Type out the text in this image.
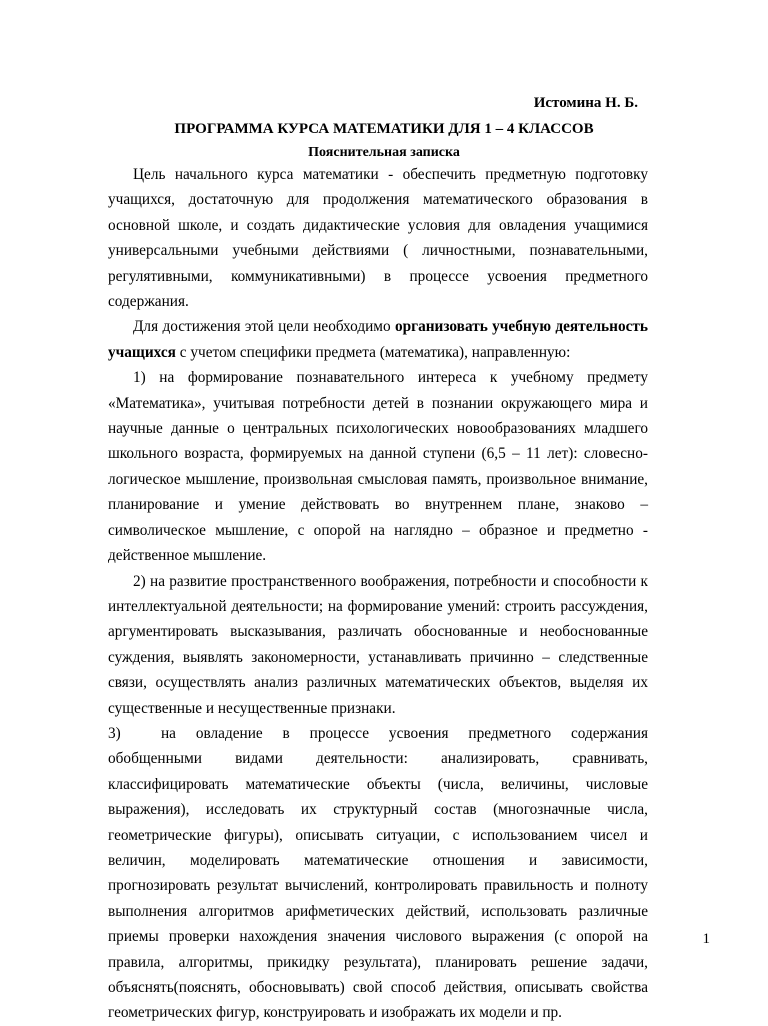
Истомина Н. Б.
ПРОГРАММА КУРСА МАТЕМАТИКИ ДЛЯ 1 – 4 КЛАССОВ
Пояснительная записка

Цель начального курса математики - обеспечить предметную подготовку учащихся, достаточную для продолжения математического образования в основной школе, и создать дидактические условия для овладения учащимися универсальными учебными действиями ( личностными, познавательными, регулятивными, коммуникативными) в процессе усвоения предметного содержания.

Для достижения этой цели необходимо организовать учебную деятельность учащихся с учетом специфики предмета (математика), направленную:

1) на формирование познавательного интереса к учебному предмету «Математика», учитывая потребности детей в познании окружающего мира и научные данные о центральных психологических новообразованиях младшего школьного возраста, формируемых на данной ступени (6,5 – 11 лет): словесно-логическое мышление, произвольная смысловая память, произвольное внимание, планирование и умение действовать во внутреннем плане, знаково – символическое мышление, с опорой на наглядно – образное и предметно - действенное мышление.

2) на развитие пространственного воображения, потребности и способности к интеллектуальной деятельности; на формирование умений: строить рассуждения, аргументировать высказывания, различать обоснованные и необоснованные суждения, выявлять закономерности, устанавливать причинно – следственные связи, осуществлять анализ различных математических объектов, выделяя их существенные и несущественные признаки.

3)	на овладение в процессе усвоения предметного содержания обобщенными видами деятельности: анализировать, сравнивать, классифицировать математические объекты (числа, величины, числовые выражения), исследовать их структурный состав (многозначные числа, геометрические фигуры), описывать ситуации, с использованием чисел и величин, моделировать математические отношения и зависимости, прогнозировать результат вычислений, контролировать правильность и полноту выполнения алгоритмов арифметических действий, использовать различные приемы проверки нахождения значения числового выражения (с опорой на правила, алгоритмы, прикидку результата), планировать решение задачи, объяснять(пояснять, обосновывать) свой способ действия, описывать свойства геометрических фигур, конструировать и изображать их модели и пр.

1
